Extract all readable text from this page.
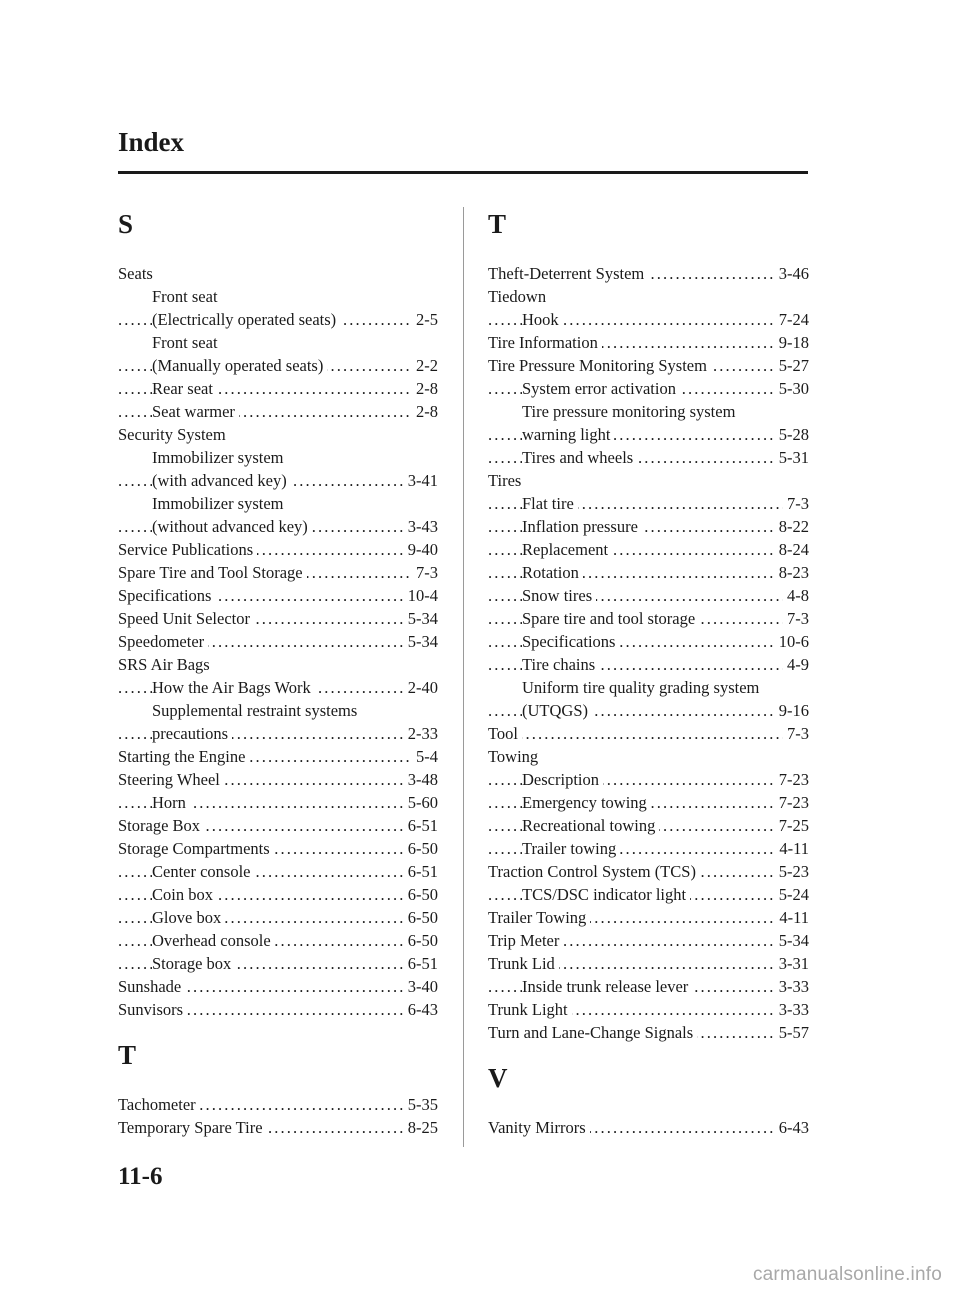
Index
S
Seats
Front seat
(Electrically operated seats)	2-5
. . .
Front seat
(Manually operated seats)	2-2
. . .
Rear seat	2-8
. . .
Seat warmer	2-8
. . .
Security System
Immobilizer system
(with advanced key)	3-41
. . .
Immobilizer system
(without advanced key)	3-43
. . .
Service Publications	9-40
. . .
Spare Tire and Tool Storage	7-3
. . .
Specifications	10-4
. . .
Speed Unit Selector	5-34
. . .
Speedometer	5-34
. . .
SRS Air Bags
How the Air Bags Work	2-40
. . .
Supplemental restraint systems
precautions	2-33
. . .
Starting the Engine	5-4
. . .
Steering Wheel	3-48
. . .
Horn	5-60
. . .
Storage Box	6-51
. . .
Storage Compartments	6-50
. . .
Center console	6-51
. . .
Coin box	6-50
. . .
Glove box	6-50
. . .
Overhead console	6-50
. . .
Storage box	6-51
. . .
Sunshade	3-40
. . .
Sunvisors	6-43
. . .
T
Tachometer	5-35
. . .
Temporary Spare Tire	8-25
. . .
T
Theft-Deterrent System	3-46
. . .
Tiedown
Hook	7-24
. . .
Tire Information	9-18
. . .
Tire Pressure Monitoring System	5-27
. . .
System error activation	5-30
. . .
Tire pressure monitoring system
warning light	5-28
. . .
Tires and wheels	5-31
. . .
Tires
Flat tire	7-3
. . .
Inflation pressure	8-22
. . .
Replacement	8-24
. . .
Rotation	8-23
. . .
Snow tires	4-8
. . .
Spare tire and tool storage	7-3
. . .
Specifications	10-6
. . .
Tire chains	4-9
. . .
Uniform tire quality grading system
(UTQGS)	9-16
. . .
Tool	7-3
. . .
Towing
Description	7-23
. . .
Emergency towing	7-23
. . .
Recreational towing	7-25
. . .
Trailer towing	4-11
. . .
Traction Control System (TCS)	5-23
. . .
TCS/DSC indicator light	5-24
. . .
Trailer Towing	4-11
. . .
Trip Meter	5-34
. . .
Trunk Lid	3-31
. . .
Inside trunk release lever	3-33
. . .
Trunk Light	3-33
. . .
Turn and Lane-Change Signals	5-57
. . .
V
Vanity Mirrors	6-43
. . .
11-6
carmanualsonline.info
